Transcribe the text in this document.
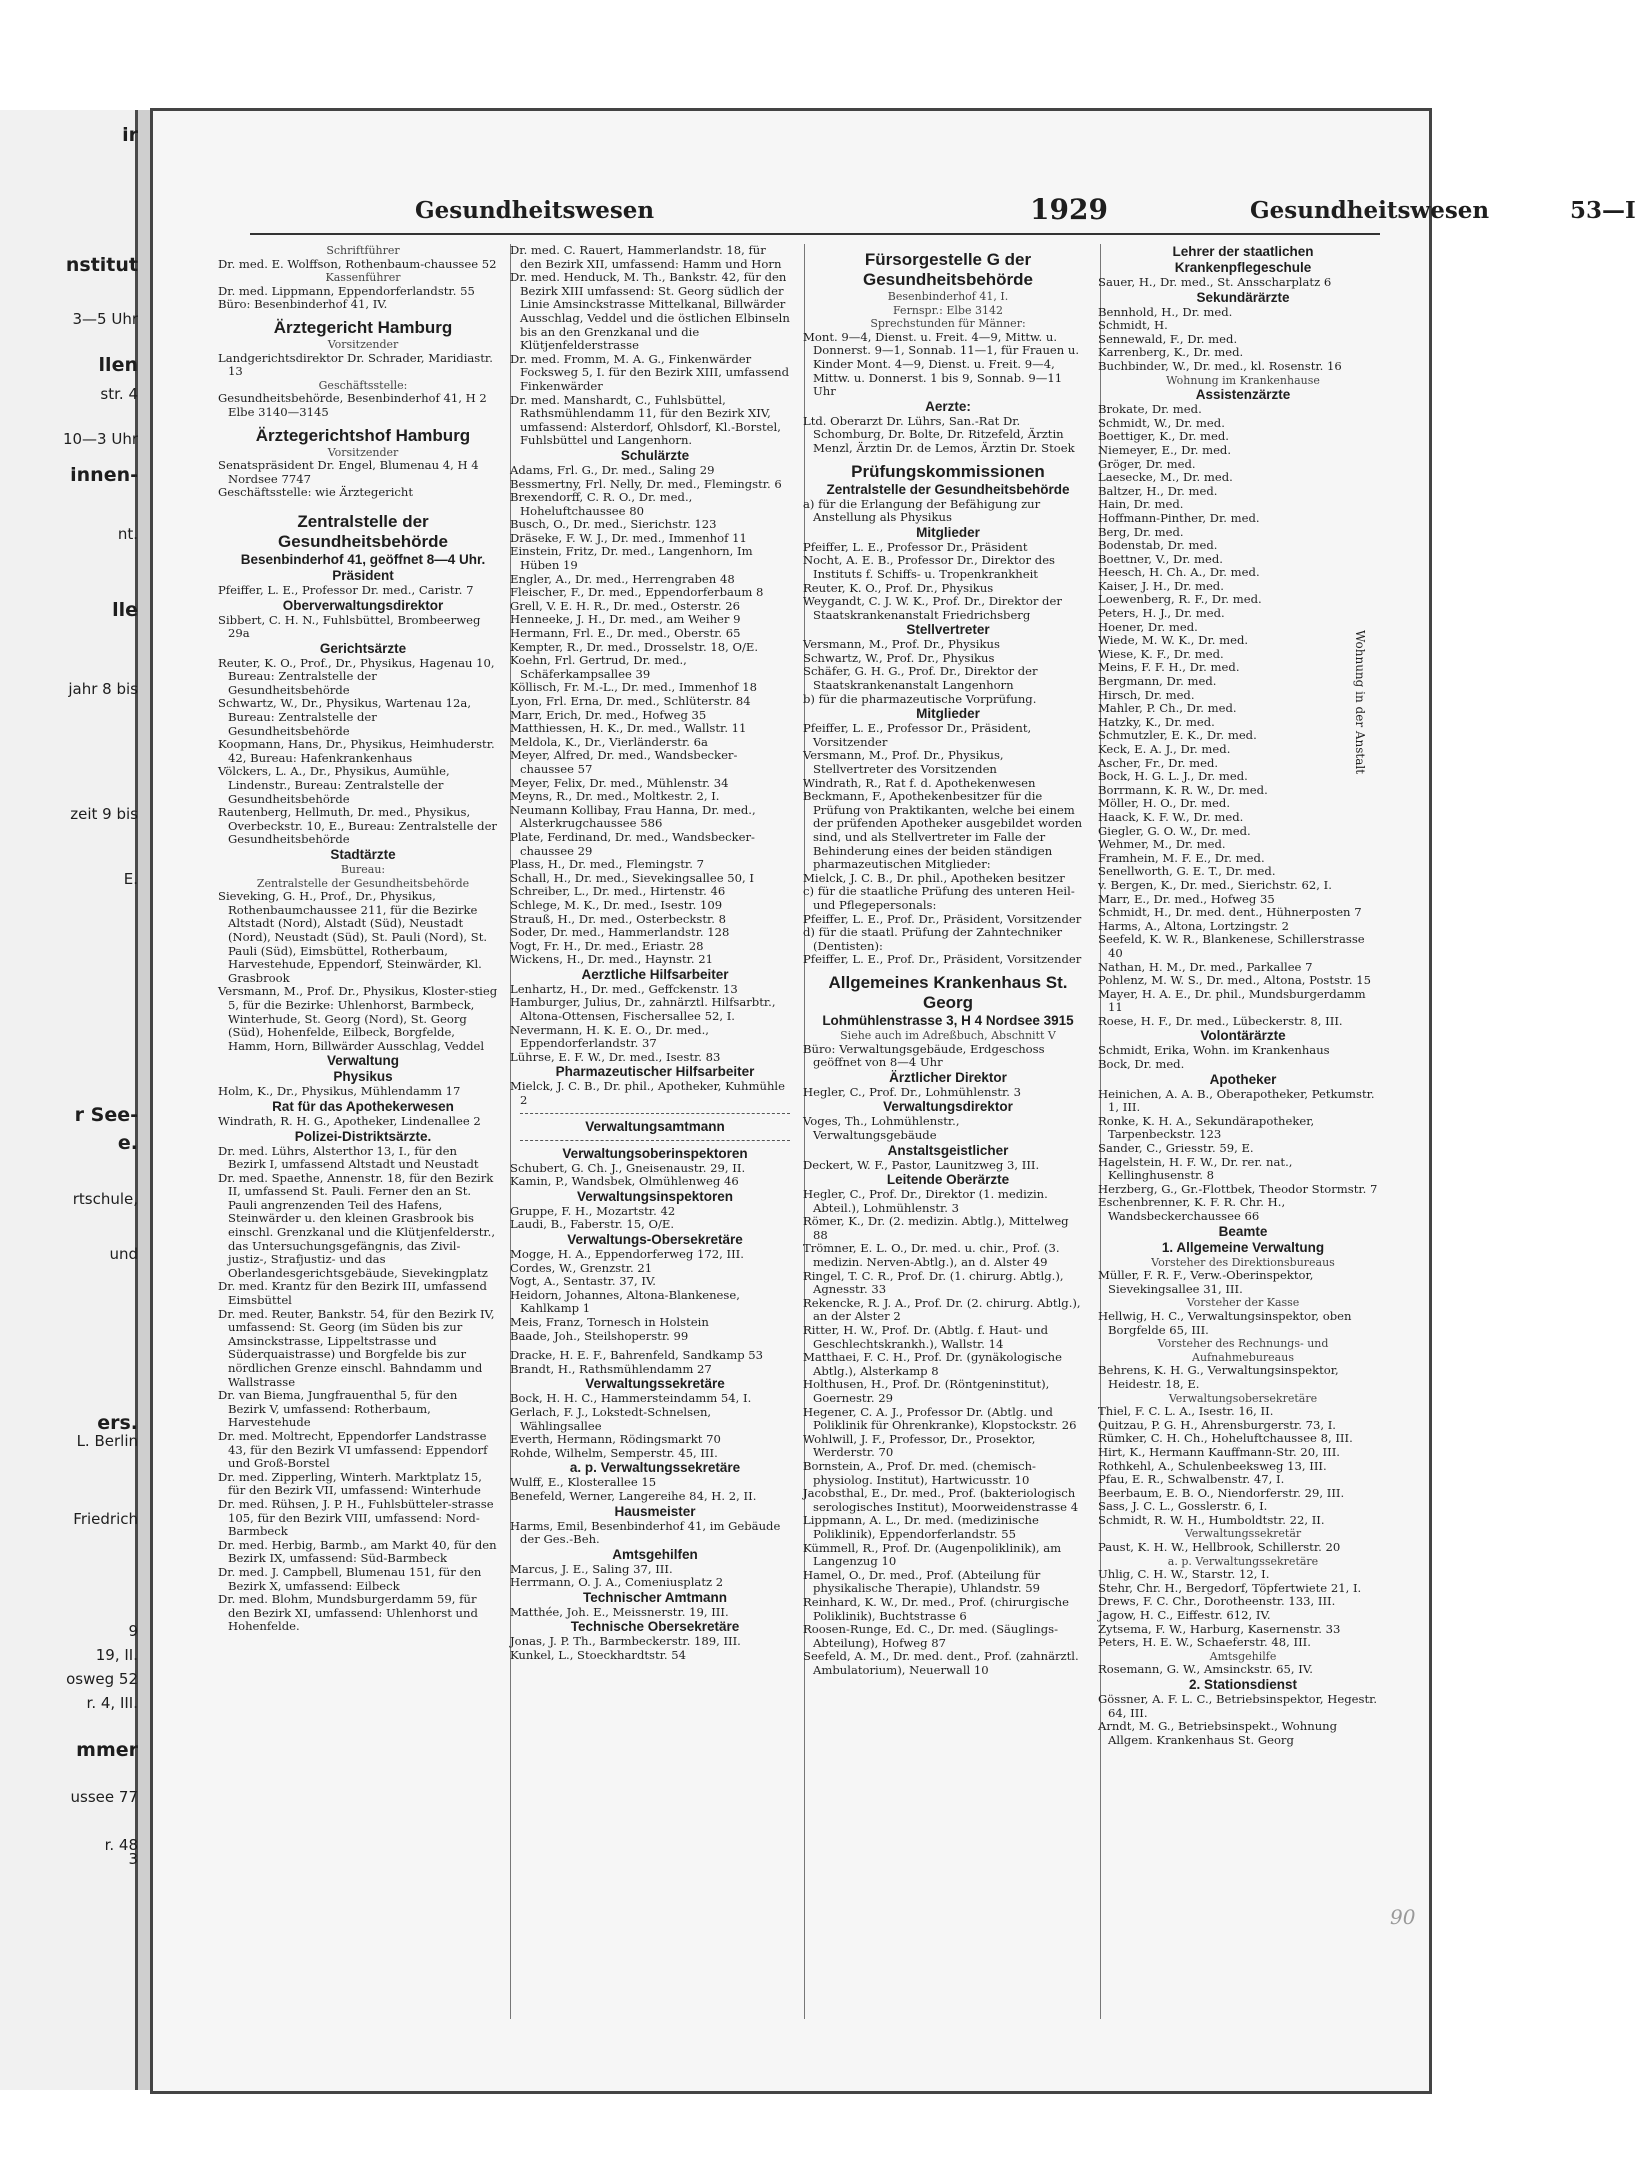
ir
nstitut
3—5 Uhr
llen
str. 4
10—3 Uhr
innen-
nt.
lle
jahr 8 bis
zeit 9 bis
E.
r See-
e.
rtschule,
und
ers.
L. Berlin
Friedrich
9
19, II.
osweg 52
r. 4, III.
mmer
ussee 77
r. 48
3
Gesundheitswesen	1929	Gesundheitswesen	53—I

Schriftführer

Dr. med. E. Wolffson, Rothenbaum-chaussee 52

Kassenführer

Dr. med. Lippmann, Eppendorferlandstr. 55

Büro: Besenbinderhof 41, IV.

Ärztegericht Hamburg

Vorsitzender

Landgerichtsdirektor Dr. Schrader, Maridiastr. 13

Geschäftsstelle:

Gesundheitsbehörde, Besenbinderhof 41, H 2 Elbe 3140—3145

Ärztegerichtshof Hamburg

Vorsitzender

Senatspräsident Dr. Engel, Blumenau 4, H 4 Nordsee 7747

Geschäftsstelle: wie Ärztegericht

Zentralstelle der Gesundheitsbehörde

Besenbinderhof 41, geöffnet 8—4 Uhr.

Präsident

Pfeiffer, L. E., Professor Dr. med., Caristr. 7

Oberverwaltungsdirektor

Sibbert, C. H. N., Fuhlsbüttel, Brombeerweg 29a

Gerichtsärzte

Reuter, K. O., Prof., Dr., Physikus, Hagenau 10, Bureau: Zentralstelle der Gesundheitsbehörde

Schwartz, W., Dr., Physikus, Wartenau 12a, Bureau: Zentralstelle der Gesundheitsbehörde

Koopmann, Hans, Dr., Physikus, Heimhuderstr. 42, Bureau: Hafenkrankenhaus

Völckers, L. A., Dr., Physikus, Aumühle, Lindenstr., Bureau: Zentralstelle der Gesundheitsbehörde

Rautenberg, Hellmuth, Dr. med., Physikus, Overbeckstr. 10, E., Bureau: Zentralstelle der Gesundheitsbehörde

Stadtärzte

Bureau:

Zentralstelle der Gesundheitsbehörde

Sieveking, G. H., Prof., Dr., Physikus, Rothenbaumchaussee 211, für die Bezirke Altstadt (Nord), Alstadt (Süd), Neustadt (Nord), Neustadt (Süd), St. Pauli (Nord), St. Pauli (Süd), Eimsbüttel, Rotherbaum, Harvestehude, Eppendorf, Steinwärder, Kl. Grasbrook

Versmann, M., Prof. Dr., Physikus, Kloster-stieg 5, für die Bezirke: Uhlenhorst, Barmbeck, Winterhude, St. Georg (Nord), St. Georg (Süd), Hohenfelde, Eilbeck, Borgfelde, Hamm, Horn, Billwärder Ausschlag, Veddel

Verwaltung

Physikus

Holm, K., Dr., Physikus, Mühlendamm 17

Rat für das Apothekerwesen

Windrath, R. H. G., Apotheker, Lindenallee 2

Polizei-Distriktsärzte.

Dr. med. Lührs, Alsterthor 13, I., für den Bezirk I, umfassend Altstadt und Neustadt

Dr. med. Spaethe, Annenstr. 18, für den Bezirk II, umfassend St. Pauli. Ferner den an St. Pauli angrenzenden Teil des Hafens, Steinwärder u. den kleinen Grasbrook bis einschl. Grenzkanal und die Klütjenfelderstr., das Untersuchungsgefängnis, das Zivil-justiz-, Strafjustiz- und das Oberlandesgerichtsgebäude, Sievekingplatz

Dr. med. Krantz für den Bezirk III, umfassend Eimsbüttel

Dr. med. Reuter, Bankstr. 54, für den Bezirk IV, umfassend: St. Georg (im Süden bis zur Amsinckstrasse, Lippeltstrasse und Süderquaistrasse) und Borgfelde bis zur nördlichen Grenze einschl. Bahndamm und Wallstrasse

Dr. van Biema, Jungfrauenthal 5, für den Bezirk V, umfassend: Rotherbaum, Harvestehude

Dr. med. Moltrecht, Eppendorfer Landstrasse 43, für den Bezirk VI umfassend: Eppendorf und Groß-Borstel

Dr. med. Zipperling, Winterh. Marktplatz 15, für den Bezirk VII, umfassend: Winterhude

Dr. med. Rühsen, J. P. H., Fuhlsbütteler-strasse 105, für den Bezirk VIII, umfassend: Nord-Barmbeck

Dr. med. Herbig, Barmb., am Markt 40, für den Bezirk IX, umfassend: Süd-Barmbeck

Dr. med. J. Campbell, Blumenau 151, für den Bezirk X, umfassend: Eilbeck

Dr. med. Blohm, Mundsburgerdamm 59, für den Bezirk XI, umfassend: Uhlenhorst und Hohenfelde.

Dr. med. C. Rauert, Hammerlandstr. 18, für den Bezirk XII, umfassend: Hamm und Horn

Dr. med. Henduck, M. Th., Bankstr. 42, für den Bezirk XIII umfassend: St. Georg südlich der Linie Amsinckstrasse Mittelkanal, Billwärder Ausschlag, Veddel und die östlichen Elbinseln bis an den Grenzkanal und die Klütjenfelderstrasse

Dr. med. Fromm, M. A. G., Finkenwärder Focksweg 5, I. für den Bezirk XIII, umfassend Finkenwärder

Dr. med. Manshardt, C., Fuhlsbüttel, Rathsmühlendamm 11, für den Bezirk XIV, umfassend: Alsterdorf, Ohlsdorf, Kl.-Borstel, Fuhlsbüttel und Langenhorn.

Schulärzte

Adams, Frl. G., Dr. med., Saling 29

Bessmertny, Frl. Nelly, Dr. med., Flemingstr. 6

Brexendorff, C. R. O., Dr. med., Hoheluftchaussee 80

Busch, O., Dr. med., Sierichstr. 123

Dräseke, F. W. J., Dr. med., Immenhof 11

Einstein, Fritz, Dr. med., Langenhorn, Im Hüben 19

Engler, A., Dr. med., Herrengraben 48

Fleischer, F., Dr. med., Eppendorferbaum 8

Grell, V. E. H. R., Dr. med., Osterstr. 26

Henneeke, J. H., Dr. med., am Weiher 9

Hermann, Frl. E., Dr. med., Oberstr. 65

Kempter, R., Dr. med., Drosselstr. 18, O/E.

Koehn, Frl. Gertrud, Dr. med., Schäferkampsallee 39

Köllisch, Fr. M.-L., Dr. med., Immenhof 18

Lyon, Frl. Erna, Dr. med., Schlüterstr. 84

Marr, Erich, Dr. med., Hofweg 35

Matthiessen, H. K., Dr. med., Wallstr. 11

Meldola, K., Dr., Vierländerstr. 6a

Meyer, Alfred, Dr. med., Wandsbecker-chaussee 57

Meyer, Felix, Dr. med., Mühlenstr. 34

Meyns, R., Dr. med., Moltkestr. 2, I.

Neumann Kollibay, Frau Hanna, Dr. med., Alsterkrugchaussee 586

Plate, Ferdinand, Dr. med., Wandsbecker-chaussee 29

Plass, H., Dr. med., Flemingstr. 7

Schall, H., Dr. med., Sievekingsallee 50, I

Schreiber, L., Dr. med., Hirtenstr. 46

Schlege, M. K., Dr. med., Isestr. 109

Strauß, H., Dr. med., Osterbeckstr. 8

Soder, Dr. med., Hammerlandstr. 128

Vogt, Fr. H., Dr. med., Eriastr. 28

Wickens, H., Dr. med., Haynstr. 21

Aerztliche Hilfsarbeiter

Lenhartz, H., Dr. med., Geffckenstr. 13

Hamburger, Julius, Dr., zahnärztl. Hilfsarbtr., Altona-Ottensen, Fischersallee 52, I.

Nevermann, H. K. E. O., Dr. med., Eppendorferlandstr. 37

Lührse, E. F. W., Dr. med., Isestr. 83

Pharmazeutischer Hilfsarbeiter

Mielck, J. C. B., Dr. phil., Apotheker, Kuhmühle 2

Verwaltungsamtmann

Verwaltungsoberinspektoren

Schubert, G. Ch. J., Gneisenaustr. 29, II.

Kamin, P., Wandsbek, Olmühlenweg 46

Verwaltungsinspektoren

Gruppe, F. H., Mozartstr. 42

Laudi, B., Faberstr. 15, O/E.

Verwaltungs-Obersekretäre

Mogge, H. A., Eppendorferweg 172, III.

Cordes, W., Grenzstr. 21

Vogt, A., Sentastr. 37, IV.

Heidorn, Johannes, Altona-Blankenese, Kahlkamp 1

Meis, Franz, Tornesch in Holstein

Baade, Joh., Steilshoperstr. 99

Dracke, H. E. F., Bahrenfeld, Sandkamp 53

Brandt, H., Rathsmühlendamm 27

Verwaltungssekretäre

Bock, H. H. C., Hammersteindamm 54, I.

Gerlach, F. J., Lokstedt-Schnelsen, Wählingsallee

Everth, Hermann, Rödingsmarkt 70

Rohde, Wilhelm, Semperstr. 45, III.

a. p. Verwaltungssekretäre

Wulff, E., Klosterallee 15

Benefeld, Werner, Langereihe 84, H. 2, II.

Hausmeister

Harms, Emil, Besenbinderhof 41, im Gebäude der Ges.-Beh.

Amtsgehilfen

Marcus, J. E., Saling 37, III.

Herrmann, O. J. A., Comeniusplatz 2

Technischer Amtmann

Matthée, Joh. E., Meissnerstr. 19, III.

Technische Obersekretäre

Jonas, J. P. Th., Barmbeckerstr. 189, III.

Kunkel, L., Stoeckhardtstr. 54

Fürsorgestelle G der Gesundheitsbehörde

Besenbinderhof 41, I.

Fernspr.: Elbe 3142

Sprechstunden für Männer:

Mont. 9—4, Dienst. u. Freit. 4—9, Mittw. u. Donnerst. 9—1, Sonnab. 11—1, für Frauen u. Kinder Mont. 4—9, Dienst. u. Freit. 9—4, Mittw. u. Donnerst. 1 bis 9, Sonnab. 9—11 Uhr

Aerzte:

Ltd. Oberarzt Dr. Lührs, San.-Rat Dr. Schomburg, Dr. Bolte, Dr. Ritzefeld, Ärztin Menzl, Ärztin Dr. de Lemos, Ärztin Dr. Stoek

Prüfungskommissionen

Zentralstelle der Gesundheitsbehörde

a) für die Erlangung der Befähigung zur Anstellung als Physikus

Mitglieder

Pfeiffer, L. E., Professor Dr., Präsident

Nocht, A. E. B., Professor Dr., Direktor des Instituts f. Schiffs- u. Tropenkrankheit

Reuter, K. O., Prof. Dr., Physikus

Weygandt, C. J. W. K., Prof. Dr., Direktor der Staatskrankenanstalt Friedrichsberg

Stellvertreter

Versmann, M., Prof. Dr., Physikus

Schwartz, W., Prof. Dr., Physikus

Schäfer, G. H. G., Prof. Dr., Direktor der Staatskrankenanstalt Langenhorn

b) für die pharmazeutische Vorprüfung.

Mitglieder

Pfeiffer, L. E., Professor Dr., Präsident, Vorsitzender

Versmann, M., Prof. Dr., Physikus, Stellvertreter des Vorsitzenden

Windrath, R., Rat f. d. Apothekenwesen

Beckmann, F., Apothekenbesitzer für die Prüfung von Praktikanten, welche bei einem der prüfenden Apotheker ausgebildet worden sind, und als Stellvertreter im Falle der Behinderung eines der beiden ständigen pharmazeutischen Mitglieder:

Mielck, J. C. B., Dr. phil., Apotheken besitzer

c) für die staatliche Prüfung des unteren Heil- und Pflegepersonals:

Pfeiffer, L. E., Prof. Dr., Präsident, Vorsitzender

d) für die staatl. Prüfung der Zahntechniker (Dentisten):

Pfeiffer, L. E., Prof. Dr., Präsident, Vorsitzender

Allgemeines Krankenhaus St. Georg

Lohmühlenstrasse 3, H 4 Nordsee 3915

Siehe auch im Adreßbuch, Abschnitt V

Büro: Verwaltungsgebäude, Erdgeschoss geöffnet von 8—4 Uhr

Ärztlicher Direktor

Hegler, C., Prof. Dr., Lohmühlenstr. 3

Verwaltungsdirektor

Voges, Th., Lohmühlenstr., Verwaltungsgebäude

Anstaltsgeistlicher

Deckert, W. F., Pastor, Launitzweg 3, III.

Leitende Oberärzte

Hegler, C., Prof. Dr., Direktor (1. medizin. Abteil.), Lohmühlenstr. 3

Römer, K., Dr. (2. medizin. Abtlg.), Mittelweg 88

Trömner, E. L. O., Dr. med. u. chir., Prof. (3. medizin. Nerven-Abtlg.), an d. Alster 49

Ringel, T. C. R., Prof. Dr. (1. chirurg. Abtlg.), Agnesstr. 33

Rekencke, R. J. A., Prof. Dr. (2. chirurg. Abtlg.), an der Alster 2

Ritter, H. W., Prof. Dr. (Abtlg. f. Haut- und Geschlechtskrankh.), Wallstr. 14

Matthaei, F. C. H., Prof. Dr. (gynäkologische Abtlg.), Alsterkamp 8

Holthusen, H., Prof. Dr. (Röntgeninstitut), Goernestr. 29

Hegener, C. A. J., Professor Dr. (Abtlg. und Poliklinik für Ohrenkranke), Klopstockstr. 26

Wohlwill, J. F., Professor, Dr., Prosektor, Werderstr. 70

Bornstein, A., Prof. Dr. med. (chemisch-physiolog. Institut), Hartwicusstr. 10

Jacobsthal, E., Dr. med., Prof. (bakteriologisch serologisches Institut), Moorweidenstrasse 4

Lippmann, A. L., Dr. med. (medizinische Poliklinik), Eppendorferlandstr. 55

Kümmell, R., Prof. Dr. (Augenpoliklinik), am Langenzug 10

Hamel, O., Dr. med., Prof. (Abteilung für physikalische Therapie), Uhlandstr. 59

Reinhard, K. W., Dr. med., Prof. (chirurgische Poliklinik), Buchtstrasse 6

Roosen-Runge, Ed. C., Dr. med. (Säuglings-Abteilung), Hofweg 87

Seefeld, A. M., Dr. med. dent., Prof. (zahnärztl. Ambulatorium), Neuerwall 10

Lehrer der staatlichen Krankenpflegeschule

Sauer, H., Dr. med., St. Ansscharplatz 6

Sekundärärzte

Bennhold, H., Dr. med.

Schmidt, H.

Sennewald, F., Dr. med.

Karrenberg, K., Dr. med.

Buchbinder, W., Dr. med., kl. Rosenstr. 16

Wohnung im Krankenhause

Assistenzärzte

Brokate, Dr. med.

Schmidt, W., Dr. med.

Boettiger, K., Dr. med.

Niemeyer, E., Dr. med.

Gröger, Dr. med.

Laesecke, M., Dr. med.

Baltzer, H., Dr. med.

Hain, Dr. med.

Hoffmann-Pinther, Dr. med.

Berg, Dr. med.

Bodenstab, Dr. med.

Boettner, V., Dr. med.

Heesch, H. Ch. A., Dr. med.

Kaiser, J. H., Dr. med.

Loewenberg, R. F., Dr. med.

Peters, H. J., Dr. med.

Hoener, Dr. med.

Wiede, M. W. K., Dr. med.

Wiese, K. F., Dr. med.

Meins, F. F. H., Dr. med.

Bergmann, Dr. med.

Hirsch, Dr. med.

Mahler, P. Ch., Dr. med.

Hatzky, K., Dr. med.

Schmutzler, E. K., Dr. med.

Keck, E. A. J., Dr. med.

Ascher, Fr., Dr. med.

Bock, H. G. L. J., Dr. med.

Borrmann, K. R. W., Dr. med.

Möller, H. O., Dr. med.

Haack, K. F. W., Dr. med.

Giegler, G. O. W., Dr. med.

Wehmer, M., Dr. med.

Framhein, M. F. E., Dr. med.

Senellworth, G. E. T., Dr. med.

v. Bergen, K., Dr. med., Sierichstr. 62, I.

Marr, E., Dr. med., Hofweg 35

Schmidt, H., Dr. med. dent., Hühnerposten 7

Harms, A., Altona, Lortzingstr. 2

Seefeld, K. W. R., Blankenese, Schillerstrasse 40

Nathan, H. M., Dr. med., Parkallee 7

Pohlenz, M. W. S., Dr. med., Altona, Poststr. 15

Mayer, H. A. E., Dr. phil., Mundsburgerdamm 11

Roese, H. F., Dr. med., Lübeckerstr. 8, III.

Volontärärzte

Schmidt, Erika, Wohn. im Krankenhaus

Bock, Dr. med.

Apotheker

Heinichen, A. A. B., Oberapotheker, Petkumstr. 1, III.

Ronke, K. H. A., Sekundärapotheker, Tarpenbeckstr. 123

Sander, C., Griesstr. 59, E.

Hagelstein, H. F. W., Dr. rer. nat., Kellinghusenstr. 8

Herzberg, G., Gr.-Flottbek, Theodor Stormstr. 7

Eschenbrenner, K. F. R. Chr. H., Wandsbeckerchaussee 66

Beamte

1. Allgemeine Verwaltung

Vorsteher des Direktionsbureaus

Müller, F. R. F., Verw.-Oberinspektor, Sievekingsallee 31, III.

Vorsteher der Kasse

Hellwig, H. C., Verwaltungsinspektor, oben Borgfelde 65, III.

Vorsteher des Rechnungs- und Aufnahmebureaus

Behrens, K. H. G., Verwaltungsinspektor, Heidestr. 18, E.

Verwaltungsobersekretäre

Thiel, F. C. L. A., Isestr. 16, II.

Quitzau, P. G. H., Ahrensburgerstr. 73, I.

Rümker, C. H. Ch., Hoheluftchaussee 8, III.

Hirt, K., Hermann Kauffmann-Str. 20, III.

Rothkehl, A., Schulenbeeksweg 13, III.

Pfau, E. R., Schwalbenstr. 47, I.

Beerbaum, E. B. O., Niendorferstr. 29, III.

Sass, J. C. L., Gosslerstr. 6, I.

Schmidt, R. W. H., Humboldtstr. 22, II.

Verwaltungssekretär

Paust, K. H. W., Hellbrook, Schillerstr. 20

a. p. Verwaltungssekretäre

Uhlig, C. H. W., Starstr. 12, I.

Stehr, Chr. H., Bergedorf, Töpfertwiete 21, I.

Drews, F. C. Chr., Dorotheenstr. 133, III.

Jagow, H. C., Eiffestr. 612, IV.

Zytsema, F. W., Harburg, Kasernenstr. 33

Peters, H. E. W., Schaeferstr. 48, III.

Amtsgehilfe

Rosemann, G. W., Amsinckstr. 65, IV.

2. Stationsdienst

Gössner, A. F. L. C., Betriebsinspektor, Hegestr. 64, III.

Arndt, M. G., Betriebsinspekt., Wohnung Allgem. Krankenhaus St. Georg

Wohnung in der Anstalt
90
